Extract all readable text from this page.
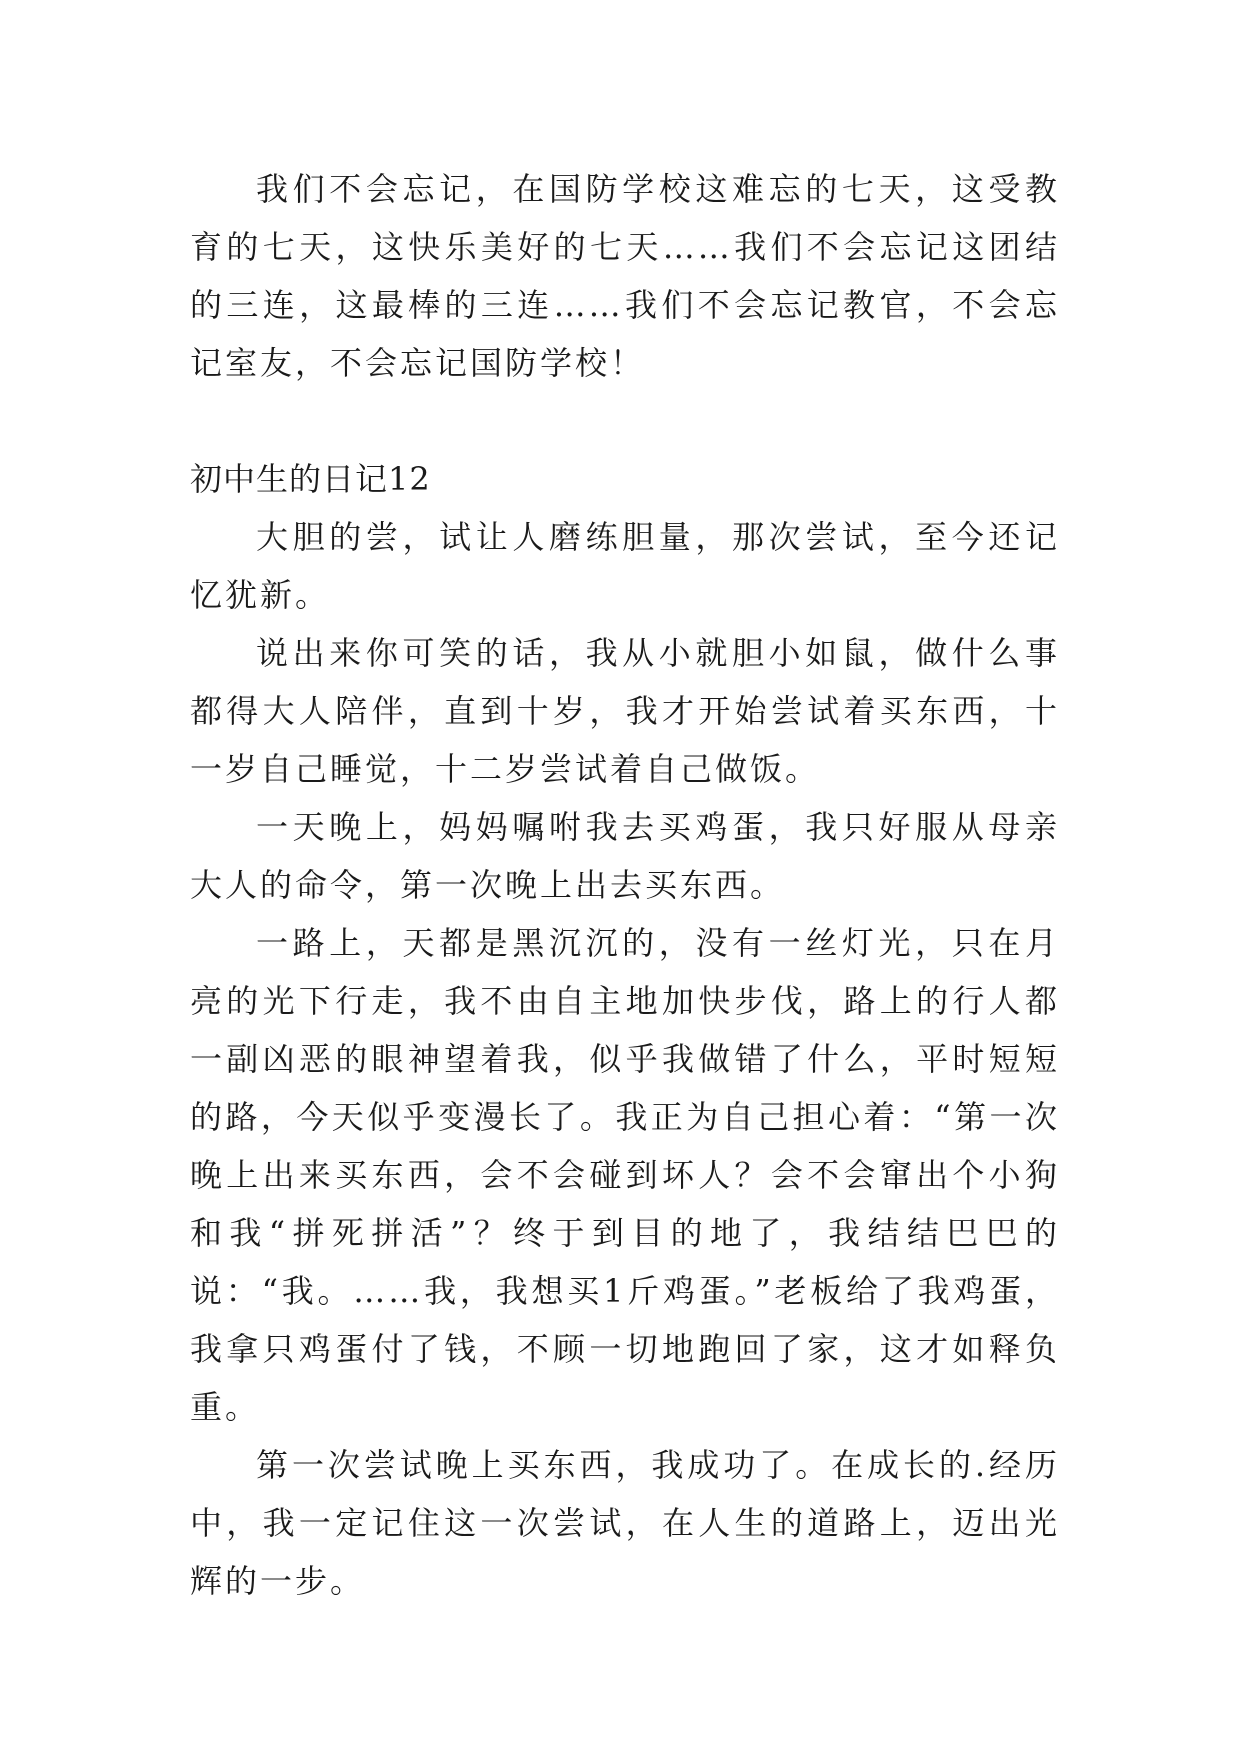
我们不会忘记，在国防学校这难忘的七天，这受教育的七天，这快乐美好的七天……我们不会忘记这团结的三连，这最棒的三连……我们不会忘记教官，不会忘记室友，不会忘记国防学校！

初中生的日记12

大胆的尝，试让人磨练胆量，那次尝试，至今还记忆犹新。

说出来你可笑的话，我从小就胆小如鼠，做什么事都得大人陪伴，直到十岁，我才开始尝试着买东西，十一岁自己睡觉，十二岁尝试着自己做饭。

一天晚上，妈妈嘱咐我去买鸡蛋，我只好服从母亲大人的命令，第一次晚上出去买东西。

一路上，天都是黑沉沉的，没有一丝灯光，只在月亮的光下行走，我不由自主地加快步伐，路上的行人都一副凶恶的眼神望着我，似乎我做错了什么，平时短短的路，今天似乎变漫长了。我正为自己担心着：“第一次晚上出来买东西，会不会碰到坏人？会不会窜出个小狗和我“拼死拼活”？终于到目的地了，我结结巴巴的说：“我。……我，我想买1斤鸡蛋。”老板给了我鸡蛋，我拿只鸡蛋付了钱，不顾一切地跑回了家，这才如释负重。

第一次尝试晚上买东西，我成功了。在成长的.经历中，我一定记住这一次尝试，在人生的道路上，迈出光辉的一步。
